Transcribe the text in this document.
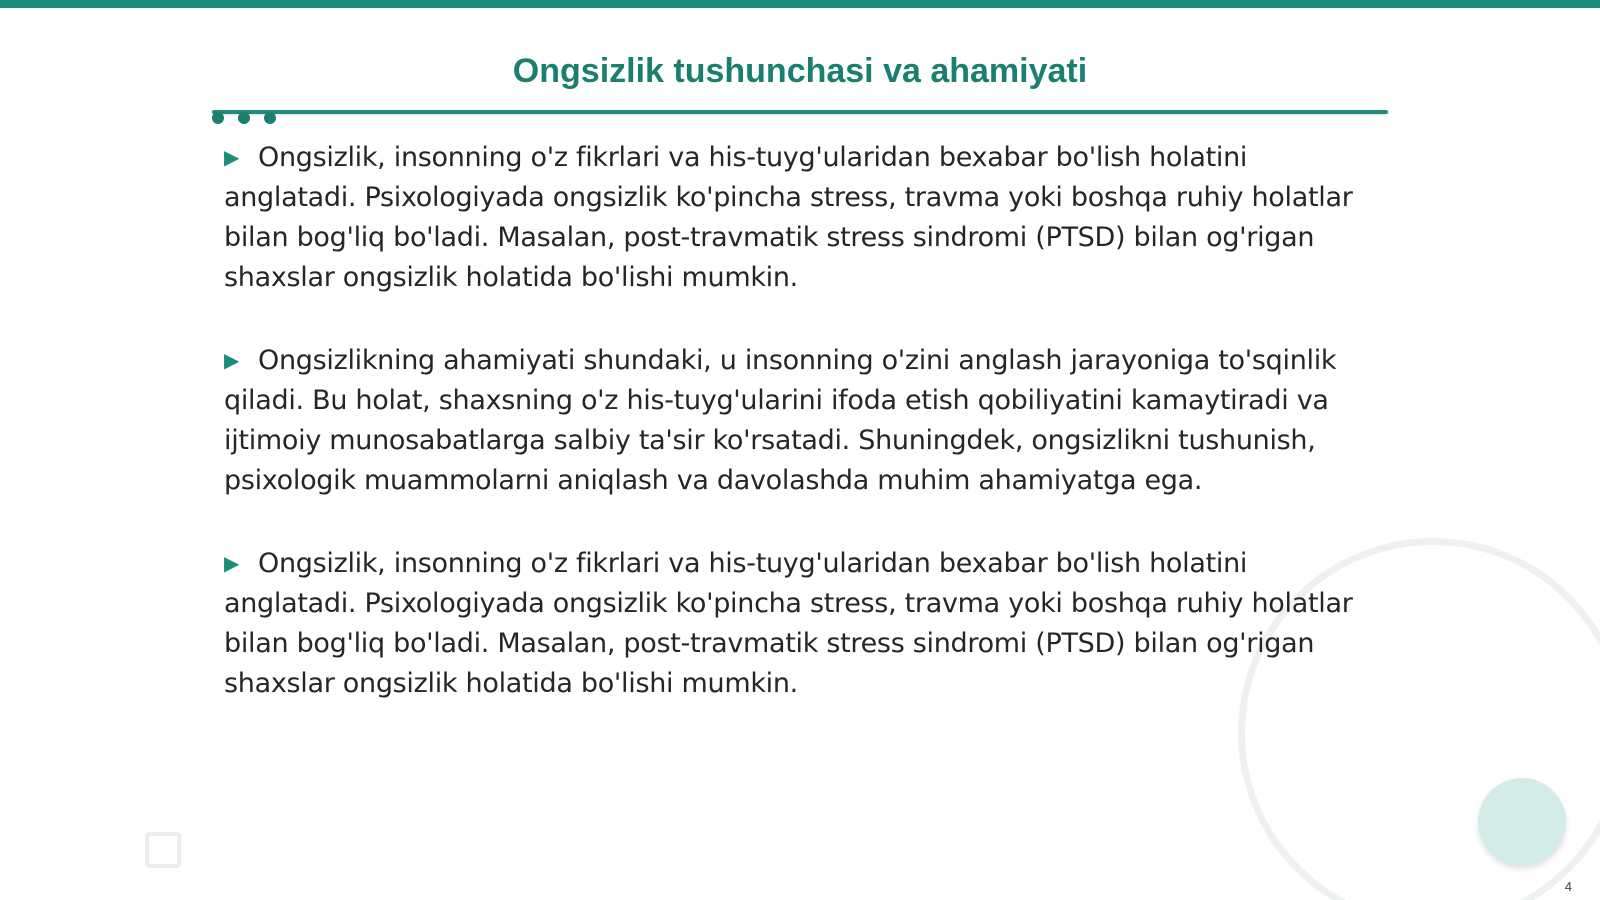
Ongsizlik tushunchasi va ahamiyati

▶ Ongsizlik, insonning o'z fikrlari va his-tuyg'ularidan bexabar bo'lish holatini anglatadi. Psixologiyada ongsizlik ko'pincha stress, travma yoki boshqa ruhiy holatlar bilan bog'liq bo'ladi. Masalan, post-travmatik stress sindromi (PTSD) bilan og'rigan shaxslar ongsizlik holatida bo'lishi mumkin.

▶ Ongsizlikning ahamiyati shundaki, u insonning o'zini anglash jarayoniga to'sqinlik qiladi. Bu holat, shaxsning o'z his-tuyg'ularini ifoda etish qobiliyatini kamaytiradi va ijtimoiy munosabatlarga salbiy ta'sir ko'rsatadi. Shuningdek, ongsizlikni tushunish, psixologik muammolarni aniqlash va davolashda muhim ahamiyatga ega.

▶ Ongsizlik, insonning o'z fikrlari va his-tuyg'ularidan bexabar bo'lish holatini anglatadi. Psixologiyada ongsizlik ko'pincha stress, travma yoki boshqa ruhiy holatlar bilan bog'liq bo'ladi. Masalan, post-travmatik stress sindromi (PTSD) bilan og'rigan shaxslar ongsizlik holatida bo'lishi mumkin.

4
